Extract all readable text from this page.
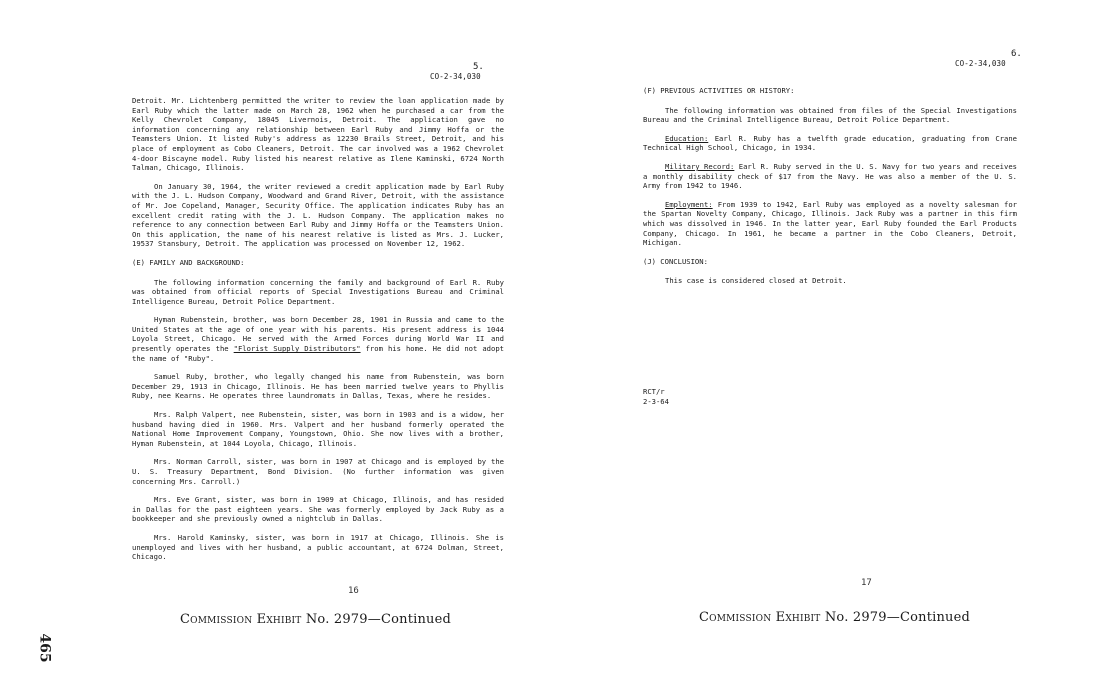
5.
CO-2-34,030

Detroit. Mr. Lichtenberg permitted the writer to review the loan application made by Earl Ruby which the latter made on March 28, 1962 when he purchased a car from the Kelly Chevrolet Company, 18045 Livernois, Detroit. The application gave no information concerning any relationship between Earl Ruby and Jimmy Hoffa or the Teamsters Union. It listed Ruby's address as 12230 Brails Street, Detroit, and his place of employment as Cobo Cleaners, Detroit. The car involved was a 1962 Chevrolet 4-door Biscayne model. Ruby listed his nearest relative as Ilene Kaminski, 6724 North Talman, Chicago, Illinois.

On January 30, 1964, the writer reviewed a credit application made by Earl Ruby with the J. L. Hudson Company, Woodward and Grand River, Detroit, with the assistance of Mr. Joe Copeland, Manager, Security Office. The application indicates Ruby has an excellent credit rating with the J. L. Hudson Company. The application makes no reference to any connection between Earl Ruby and Jimmy Hoffa or the Teamsters Union. On this application, the name of his nearest relative is listed as Mrs. J. Lucker, 19537 Stansbury, Detroit. The application was processed on November 12, 1962.

(E) FAMILY AND BACKGROUND:

The following information concerning the family and background of Earl R. Ruby was obtained from official reports of Special Investigations Bureau and Criminal Intelligence Bureau, Detroit Police Department.

Hyman Rubenstein, brother, was born December 28, 1901 in Russia and came to the United States at the age of one year with his parents. His present address is 1044 Loyola Street, Chicago. He served with the Armed Forces during World War II and presently operates the "Florist Supply Distributors" from his home. He did not adopt the name of "Ruby".

Samuel Ruby, brother, who legally changed his name from Rubenstein, was born December 29, 1913 in Chicago, Illinois. He has been married twelve years to Phyllis Ruby, nee Kearns. He operates three laundromats in Dallas, Texas, where he resides.

Mrs. Ralph Valpert, nee Rubenstein, sister, was born in 1903 and is a widow, her husband having died in 1960. Mrs. Valpert and her husband formerly operated the National Home Improvement Company, Youngstown, Ohio. She now lives with a brother, Hyman Rubenstein, at 1044 Loyola, Chicago, Illinois.

Mrs. Norman Carroll, sister, was born in 1907 at Chicago and is employed by the U. S. Treasury Department, Bond Division. (No further information was given concerning Mrs. Carroll.)

Mrs. Eve Grant, sister, was born in 1909 at Chicago, Illinois, and has resided in Dallas for the past eighteen years. She was formerly employed by Jack Ruby as a bookkeeper and she previously owned a nightclub in Dallas.

Mrs. Harold Kaminsky, sister, was born in 1917 at Chicago, Illinois. She is unemployed and lives with her husband, a public accountant, at 6724 Dolman, Street, Chicago.

16
Commission Exhibit No. 2979—Continued
465
6.
CO-2-34,030
(F) PREVIOUS ACTIVITIES OR HISTORY:

The following information was obtained from files of the Special Investigations Bureau and the Criminal Intelligence Bureau, Detroit Police Department.

Education: Earl R. Ruby has a twelfth grade education, graduating from Crane Technical High School, Chicago, in 1934.

Military Record: Earl R. Ruby served in the U. S. Navy for two years and receives a monthly disability check of $17 from the Navy. He was also a member of the U. S. Army from 1942 to 1946.

Employment: From 1939 to 1942, Earl Ruby was employed as a novelty salesman for the Spartan Novelty Company, Chicago, Illinois. Jack Ruby was a partner in this firm which was dissolved in 1946. In the latter year, Earl Ruby founded the Earl Products Company, Chicago. In 1961, he became a partner in the Cobo Cleaners, Detroit, Michigan.

(J) CONCLUSION:

This case is considered closed at Detroit.

RCT/r
2-3-64
17
Commission Exhibit No. 2979—Continued
